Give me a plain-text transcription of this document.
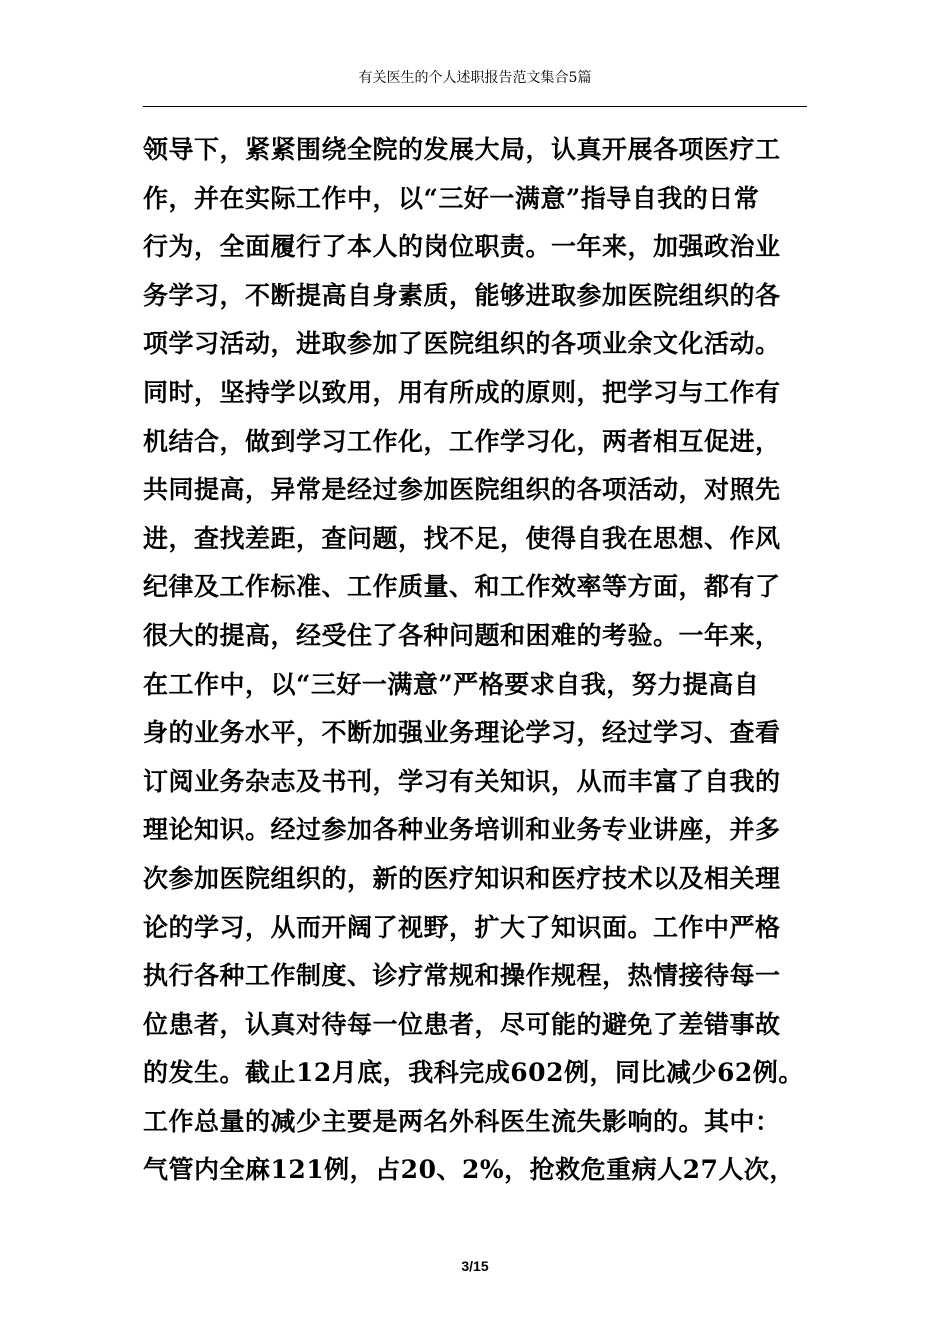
有关医生的个人述职报告范文集合5篇
领导下，紧紧围绕全院的发展大局，认真开展各项医疗工
作，并在实际工作中，以“三好一满意”指导自我的日常
行为，全面履行了本人的岗位职责。一年来，加强政治业
务学习，不断提高自身素质，能够进取参加医院组织的各
项学习活动，进取参加了医院组织的各项业余文化活动。
同时，坚持学以致用，用有所成的原则，把学习与工作有
机结合，做到学习工作化，工作学习化，两者相互促进，
共同提高，异常是经过参加医院组织的各项活动，对照先
进，查找差距，查问题，找不足，使得自我在思想、作风
纪律及工作标准、工作质量、和工作效率等方面，都有了
很大的提高，经受住了各种问题和困难的考验。一年来，
在工作中，以“三好一满意”严格要求自我，努力提高自
身的业务水平，不断加强业务理论学习，经过学习、查看
订阅业务杂志及书刊，学习有关知识，从而丰富了自我的
理论知识。经过参加各种业务培训和业务专业讲座，并多
次参加医院组织的，新的医疗知识和医疗技术以及相关理
论的学习，从而开阔了视野，扩大了知识面。工作中严格
执行各种工作制度、诊疗常规和操作规程，热情接待每一
位患者，认真对待每一位患者，尽可能的避免了差错事故
的发生。截止12月底，我科完成602例，同比减少62例。
工作总量的减少主要是两名外科医生流失影响的。其中：
气管内全麻121例，占20、2%，抢救危重病人27人次，
3/15
